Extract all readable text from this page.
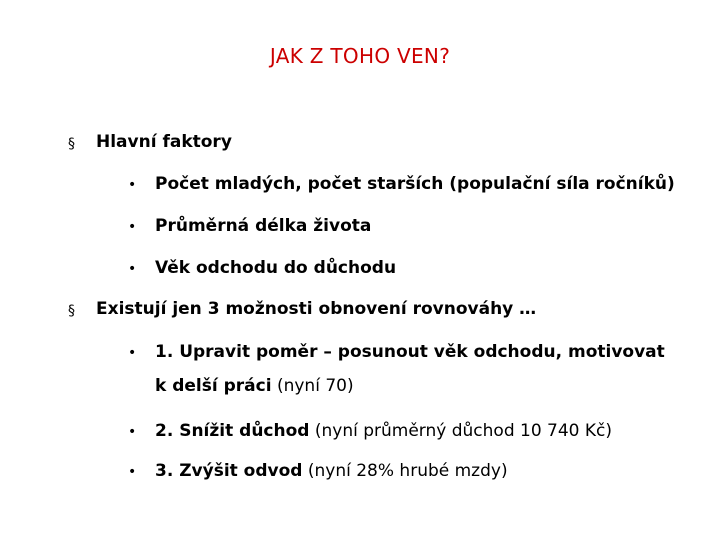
JAK Z TOHO VEN?
§ Hlavní faktory
• Počet mladých, počet starších (populační síla ročníků)
• Průměrná délka života
• Věk odchodu do důchodu
§ Existují jen 3 možnosti obnovení rovnováhy …
• 1. Upravit poměr – posunout věk odchodu, motivovat
k delší práci (nyní 70)
• 2. Snížit důchod (nyní průměrný důchod 10 740 Kč)
• 3. Zvýšit odvod (nyní 28% hrubé mzdy)
